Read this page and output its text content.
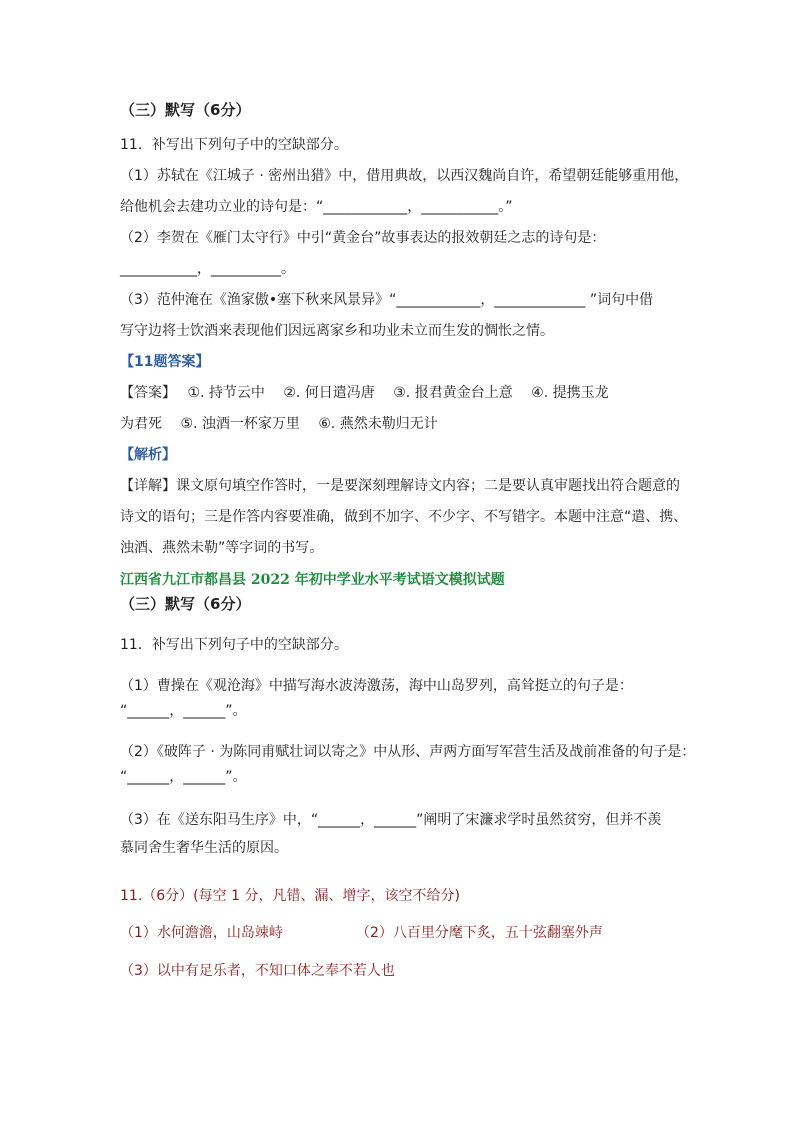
（三）默写（6分）
11．补写出下列句子中的空缺部分。
（1）苏轼在《江城子 · 密州出猎》中，借用典故，以西汉魏尚自许，希望朝廷能够重用他，
给他机会去建功立业的诗句是：“____________，___________。”
（2）李贺在《雁门太守行》中引“黄金台”故事表达的报效朝廷之志的诗句是：
___________，__________。
（3）范仲淹在《渔家傲•塞下秋来风景异》“____________，_____________ ”词句中借
写守边将士饮酒来表现他们因远离家乡和功业未立而生发的惆怅之情。
【11题答案】
【答案】　 ①. 持节云中　 ②. 何日遣冯唐　 ③. 报君黄金台上意　 ④. 提携玉龙
为君死　 ⑤. 浊酒一杯家万里　 ⑥. 燕然未勒归无计
【解析】
【详解】课文原句填空作答时，一是要深刻理解诗文内容；二是要认真审题找出符合题意的
诗文的语句；三是作答内容要准确，做到不加字、不少字、不写错字。本题中注意“遣、携、
浊酒、燕然未勒”等字词的书写。
江西省九江市都昌县 2022 年初中学业水平考试语文模拟试题
（三）默写（6分）
11．补写出下列句子中的空缺部分。
（1）曹操在《观沧海》中描写海水波涛激荡，海中山岛罗列，高耸挺立的句子是：
“______，______”。
（2）《破阵子 · 为陈同甫赋壮词以寄之》中从形、声两方面写军营生活及战前准备的句子是：
“______，______”。
（3）在《送东阳马生序》中，“______，______”阐明了宋濂求学时虽然贫穷，但并不羡
慕同舍生奢华生活的原因。
11.（6分）(每空 1 分，凡错、漏、增字，该空不给分)
（1）水何澹澹，山岛竦峙	（2）八百里分麾下炙，五十弦翻塞外声
（3）以中有足乐者，不知口体之奉不若人也
